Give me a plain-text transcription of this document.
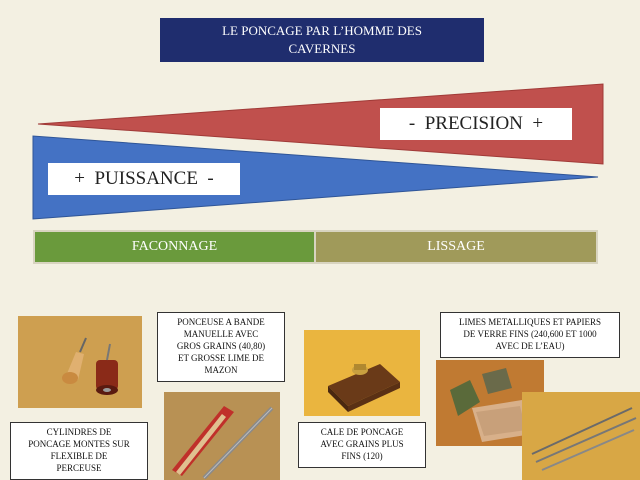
LE PONCAGE PAR L’HOMME DES
CAVERNES
-  PRECISION  +
+  PUISSANCE  -
FACONNAGE	LISSAGE
CYLINDRES DE
PONCAGE MONTES SUR
FLEXIBLE DE
PERCEUSE
PONCEUSE A BANDE
MANUELLE AVEC
GROS GRAINS (40,80)
ET GROSSE LIME DE
MAZON
CALE DE PONCAGE
AVEC GRAINS PLUS
FINS (120)
LIMES METALLIQUES ET PAPIERS
DE VERRE FINS (240,600 ET 1000
AVEC DE L’EAU)
